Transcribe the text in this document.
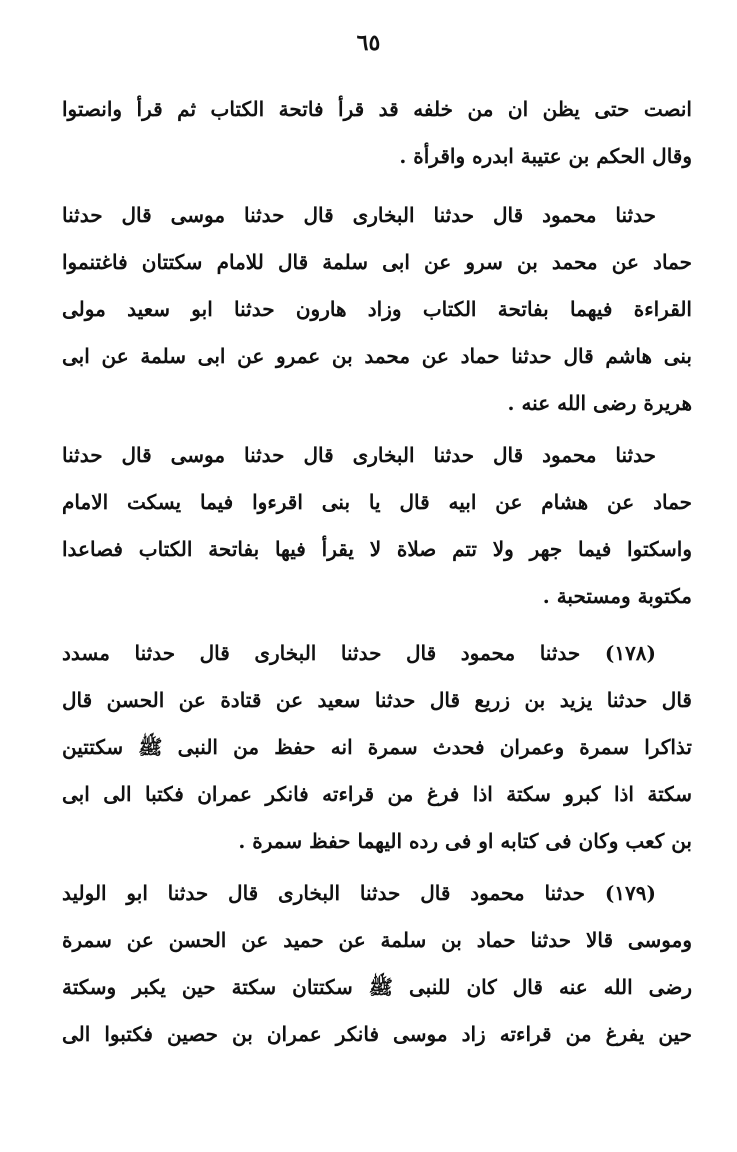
٦٥
انصت حتى يظن ان من خلفه قد قرأ فاتحة الكتاب ثم قرأ وانصتوا
وقال الحكم بن عتيبة ابدره واقرأة .
حدثنا محمود قال حدثنا البخارى قال حدثنا موسى قال حدثنا
حماد عن محمد بن سرو عن ابى سلمة قال للامام سكتتان فاغتنموا
القراءة فيهما بفاتحة الكتاب وزاد هارون حدثنا ابو سعيد مولى
بنى هاشم قال حدثنا حماد عن محمد بن عمرو عن ابى سلمة عن ابى
هريرة رضى الله عنه .
حدثنا محمود قال حدثنا البخارى قال حدثنا موسى قال حدثنا
حماد عن هشام عن ابيه قال يا بنى اقرءوا فيما يسكت الامام
واسكتوا فيما جهر ولا تتم صلاة لا يقرأ فيها بفاتحة الكتاب فصاعدا
مكتوبة ومستحبة .
(١٧٨) حدثنا محمود قال حدثنا البخارى قال حدثنا مسدد
قال حدثنا يزيد بن زريع قال حدثنا سعيد عن قتادة عن الحسن قال
تذاكرا سمرة وعمران فحدث سمرة انه حفظ من النبى ﷺ سكتتين
سكتة اذا كبرو سكتة اذا فرغ من قراءته فانكر عمران فكتبا الى ابى
بن كعب وكان فى كتابه او فى رده اليهما حفظ سمرة .
(١٧٩) حدثنا محمود قال حدثنا البخارى قال حدثنا ابو الوليد
وموسى قالا حدثنا حماد بن سلمة عن حميد عن الحسن عن سمرة
رضى الله عنه قال كان للنبى ﷺ سكتتان سكتة حين يكبر وسكتة
حين يفرغ من قراءته زاد موسى فانكر عمران بن حصين فكتبوا الى
